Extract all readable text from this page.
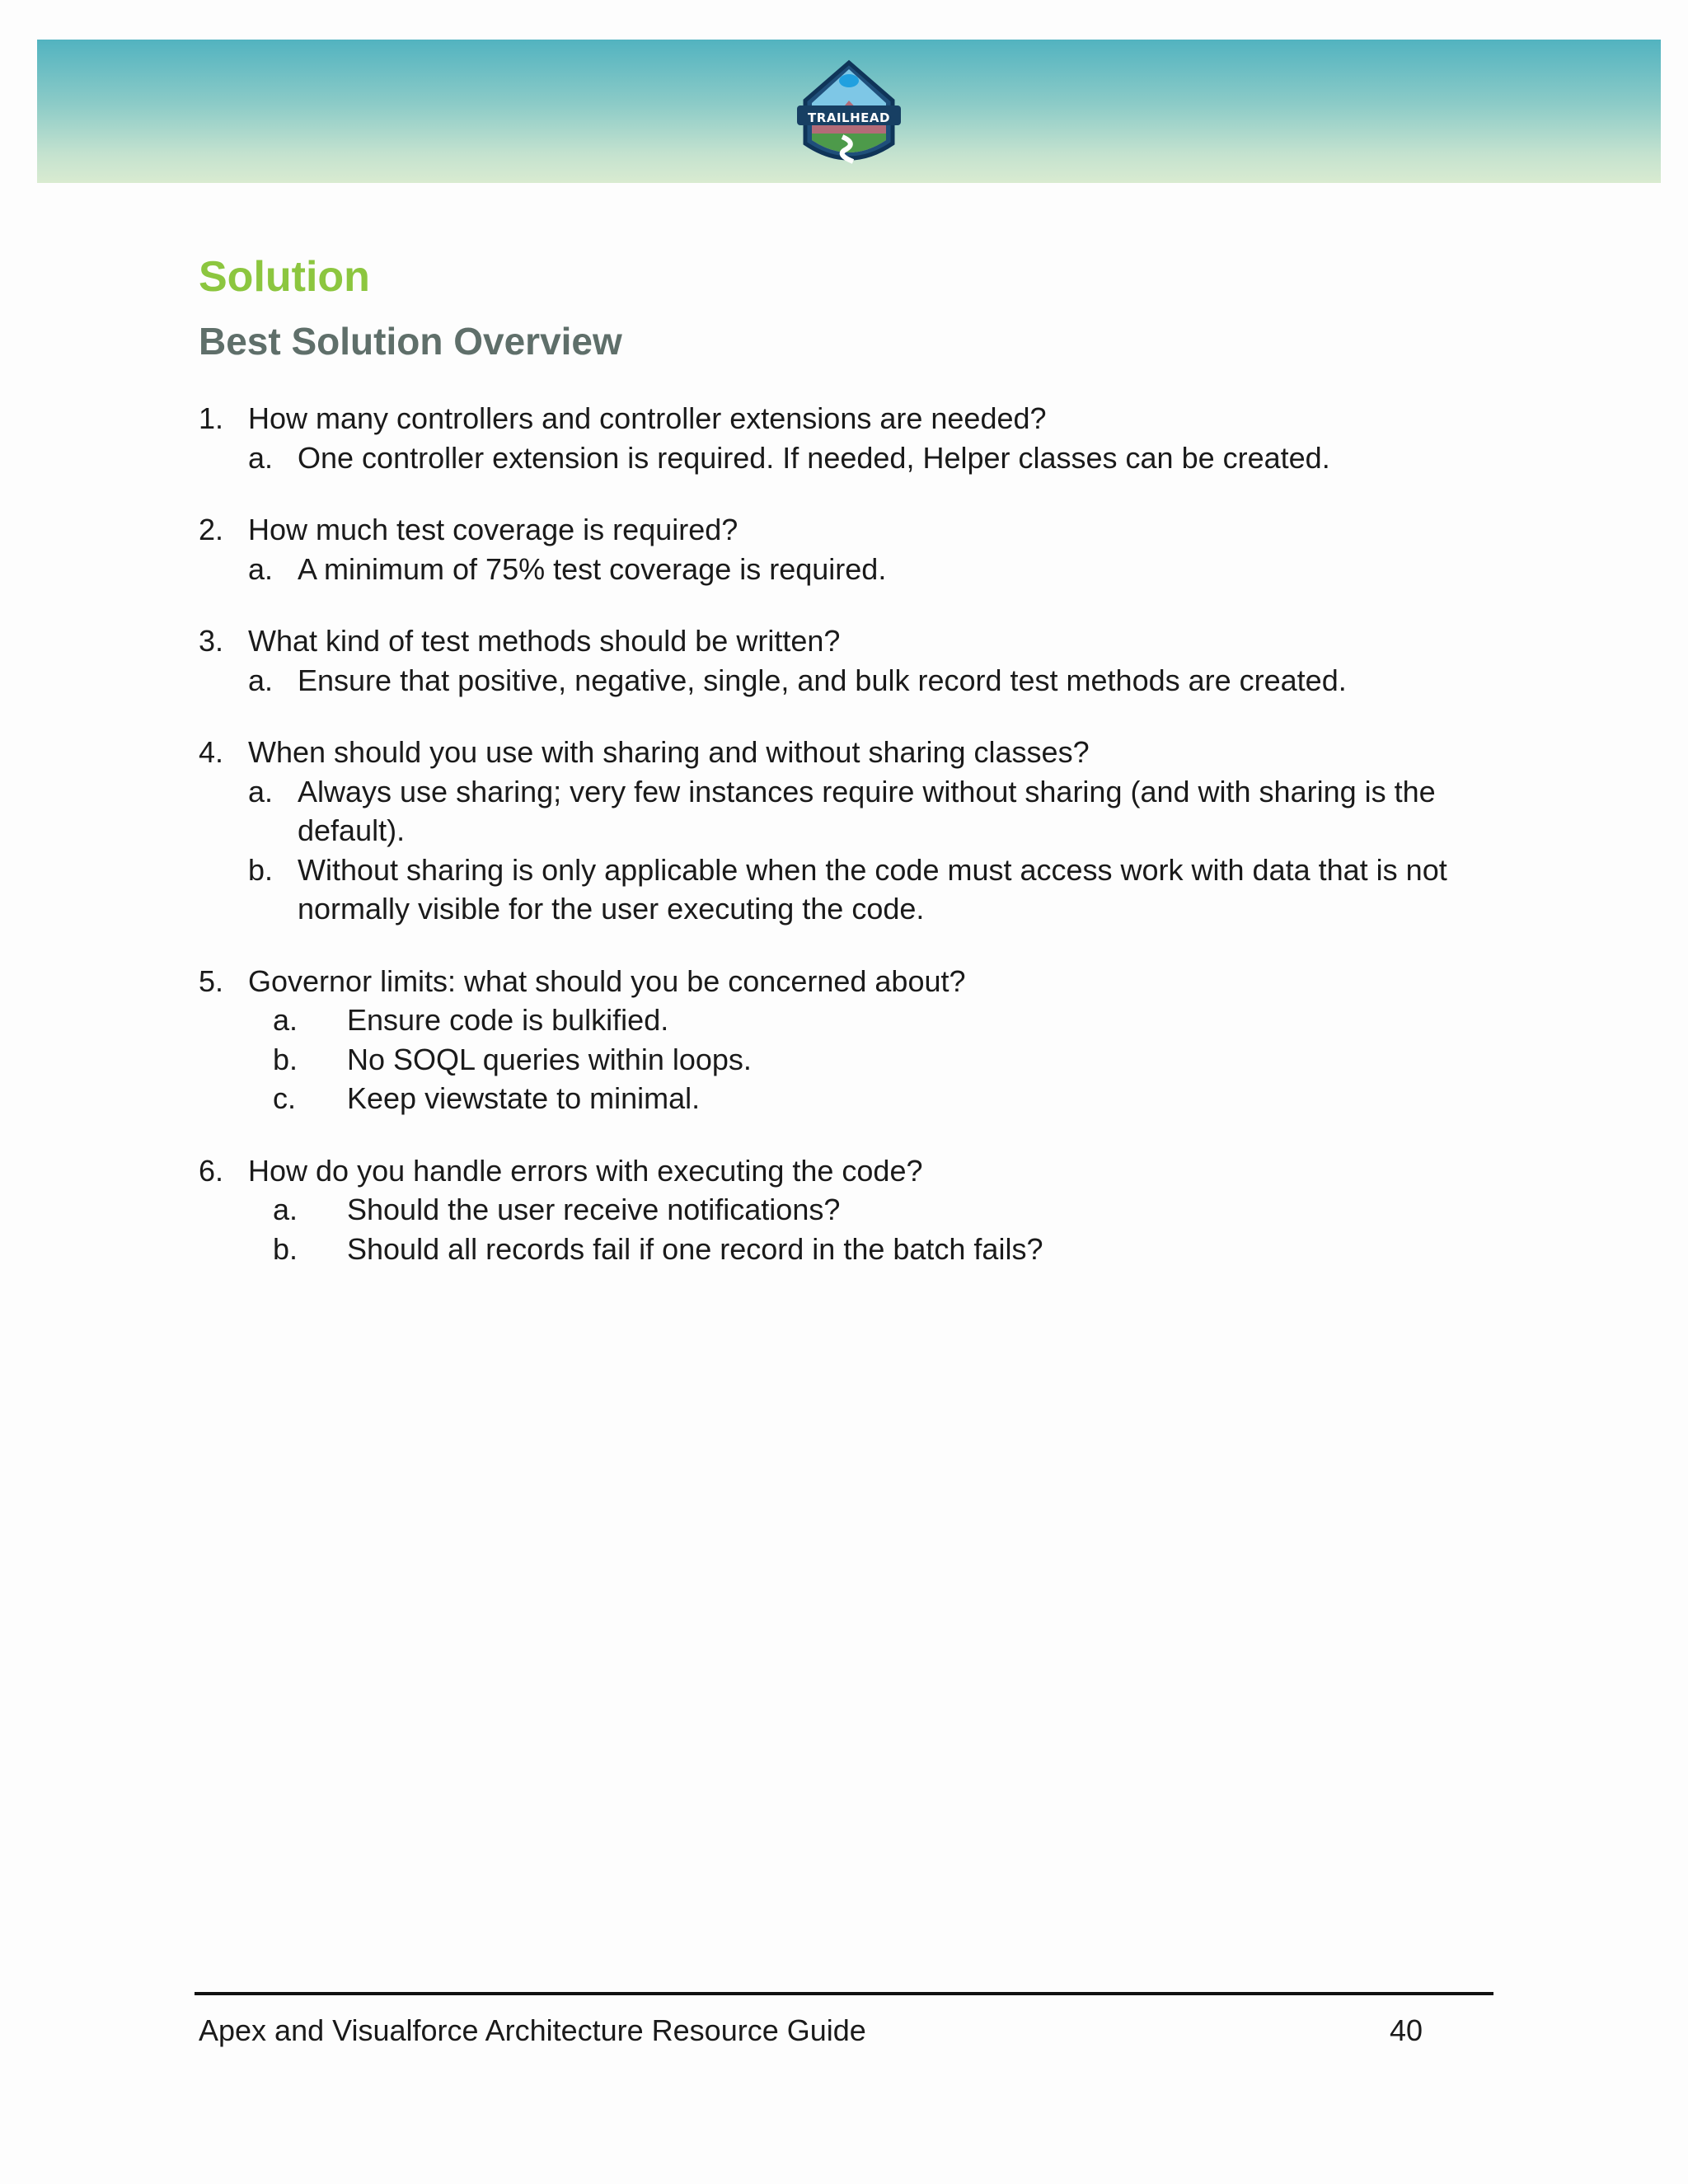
TRAILHEAD
Solution
Best Solution Overview
1. How many controllers and controller extensions are needed?
a. One controller extension is required. If needed, Helper classes can be created.
2. How much test coverage is required?
a. A minimum of 75% test coverage is required.
3. What kind of test methods should be written?
a. Ensure that positive, negative, single, and bulk record test methods are created.
4. When should you use with sharing and without sharing classes?
a. Always use sharing; very few instances require without sharing (and with sharing is the default).
b. Without sharing is only applicable when the code must access work with data that is not normally visible for the user executing the code.
5. Governor limits: what should you be concerned about?
a.	Ensure code is bulkified.
b.	No SOQL queries within loops.
c.	Keep viewstate to minimal.
6. How do you handle errors with executing the code?
a.	Should the user receive notifications?
b.	Should all records fail if one record in the batch fails?
Apex and Visualforce Architecture Resource Guide	40
